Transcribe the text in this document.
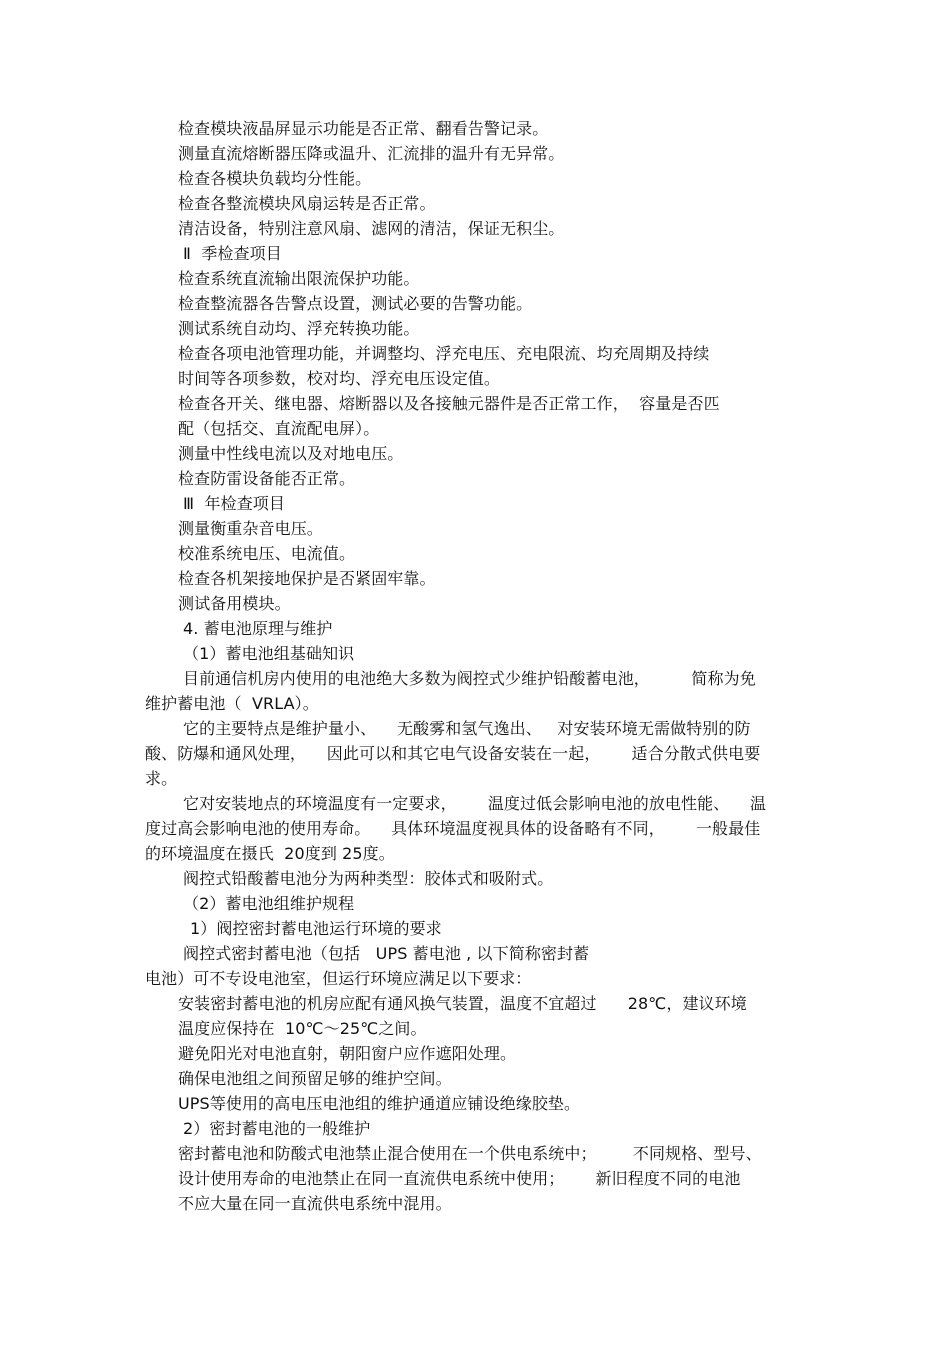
检查模块液晶屏显示功能是否正常、翻看告警记录。
测量直流熔断器压降或温升、汇流排的温升有无异常。
检查各模块负载均分性能。
检查各整流模块风扇运转是否正常。
清洁设备，特别注意风扇、滤网的清洁，保证无积尘。
Ⅱ  季检查项目
检查系统直流输出限流保护功能。
检查整流器各告警点设置，测试必要的告警功能。
测试系统自动均、浮充转换功能。
检查各项电池管理功能，并调整均、浮充电压、充电限流、均充周期及持续
时间等各项参数，校对均、浮充电压设定值。
检查各开关、继电器、熔断器以及各接触元器件是否正常工作，  容量是否匹
配（包括交、直流配电屏）。
测量中性线电流以及对地电压。
检查防雷设备能否正常。
Ⅲ  年检查项目
测量衡重杂音电压。
校准系统电压、电流值。
检查各机架接地保护是否紧固牢靠。
测试备用模块。
4. 蓄电池原理与维护
（1）蓄电池组基础知识
目前通信机房内使用的电池绝大多数为阀控式少维护铅酸蓄电池，        简称为免
维护蓄电池（  VRLA）。
它的主要特点是维护量小、    无酸雾和氢气逸出、   对安装环境无需做特别的防
酸、防爆和通风处理，    因此可以和其它电气设备安装在一起，      适合分散式供电要
求。
它对安装地点的环境温度有一定要求，      温度过低会影响电池的放电性能、    温
度过高会影响电池的使用寿命。    具体环境温度视具体的设备略有不同，      一般最佳
的环境温度在摄氏  20度到 25度。
阀控式铅酸蓄电池分为两种类型：胶体式和吸附式。
（2）蓄电池组维护规程
1）阀控密封蓄电池运行环境的要求
阀控式密封蓄电池（包括   UPS 蓄电池 , 以下简称密封蓄
电池）可不专设电池室，但运行环境应满足以下要求：
安装密封蓄电池的机房应配有通风换气装置，温度不宜超过      28℃，建议环境
温度应保持在  10℃～25℃之间。
避免阳光对电池直射，朝阳窗户应作遮阳处理。
确保电池组之间预留足够的维护空间。
UPS等使用的高电压电池组的维护通道应铺设绝缘胶垫。
2）密封蓄电池的一般维护
密封蓄电池和防酸式电池禁止混合使用在一个供电系统中；       不同规格、型号、
设计使用寿命的电池禁止在同一直流供电系统中使用；      新旧程度不同的电池
不应大量在同一直流供电系统中混用。
